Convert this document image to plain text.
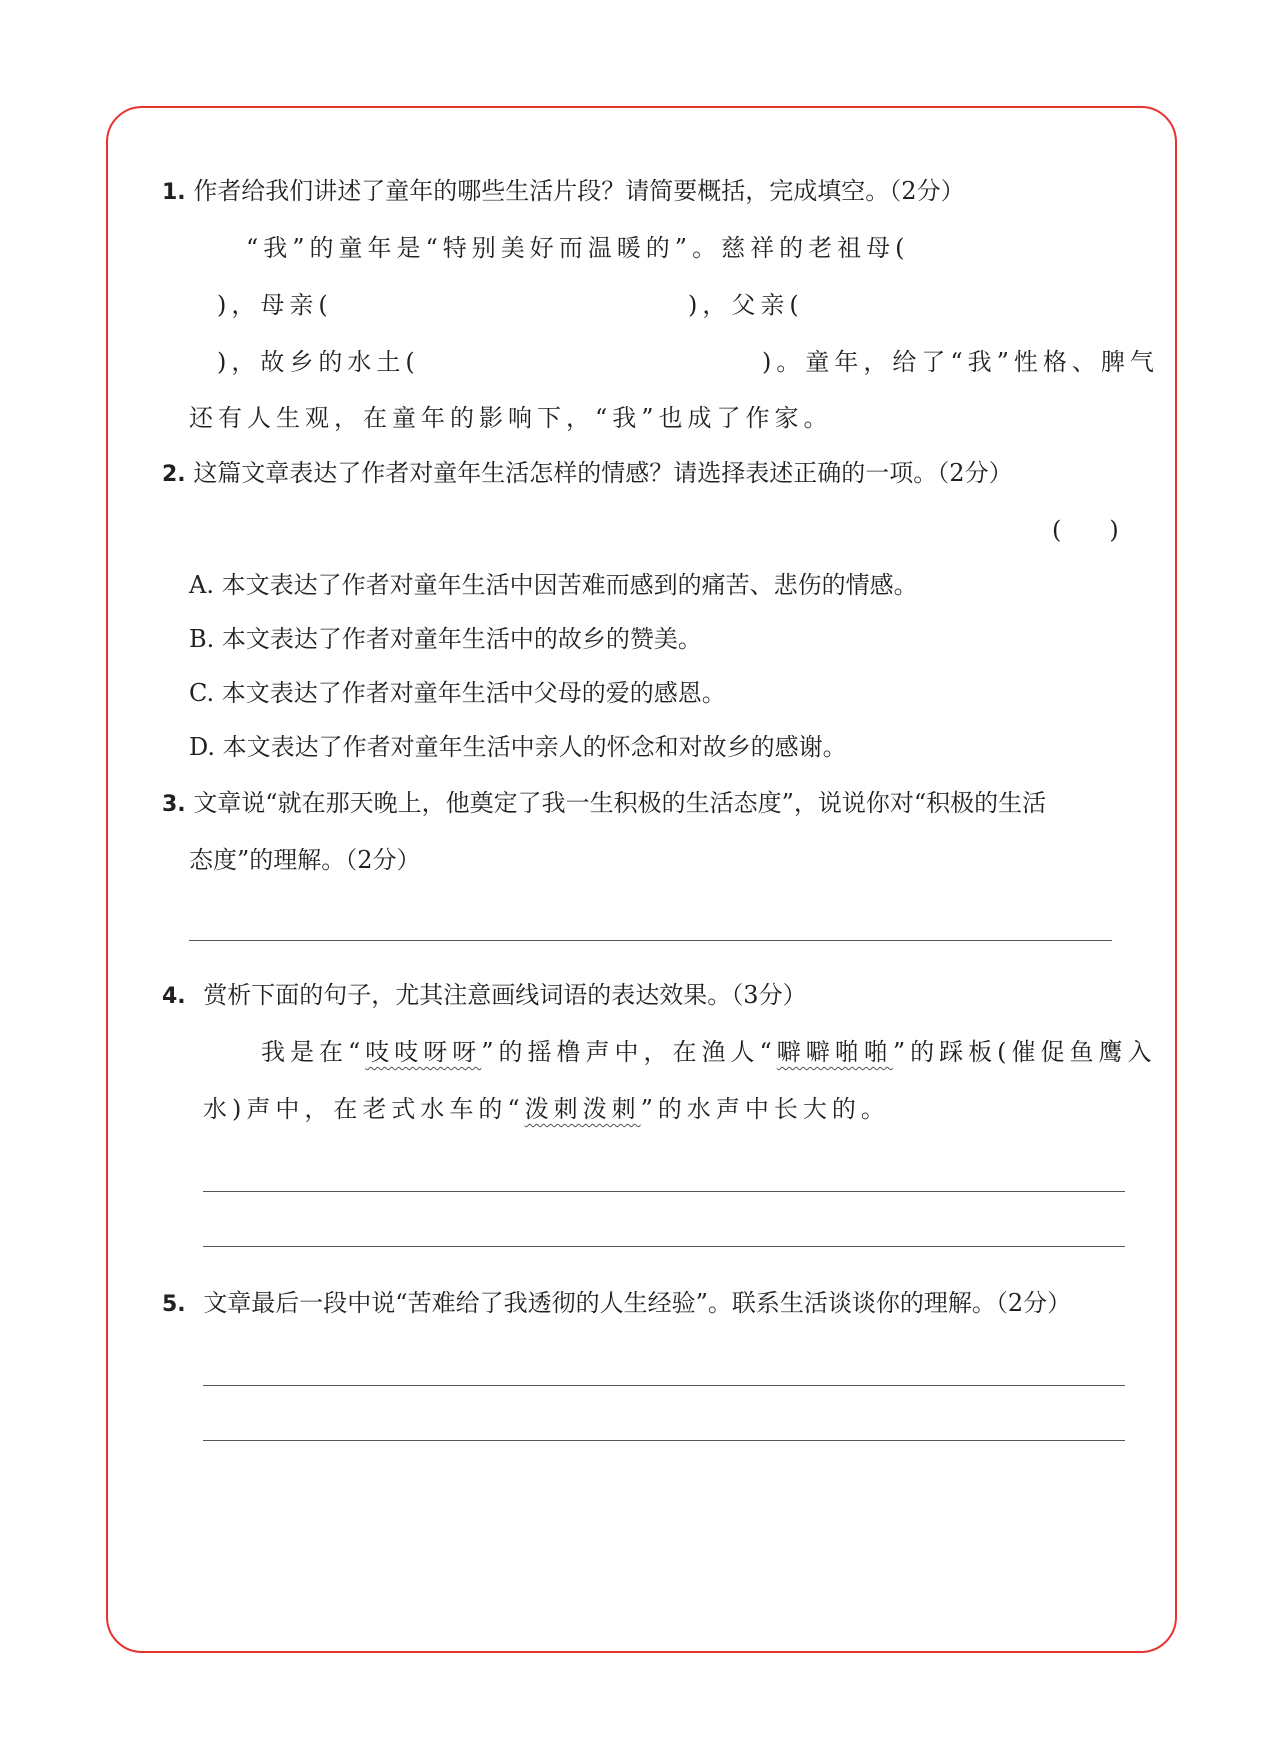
1. 作者给我们讲述了童年的哪些生活片段？请简要概括，完成填空。（2分）
“我”的童年是“特别美好而温暖的”。慈祥的老祖母(
)，母亲(	)，父亲(
)，故乡的水土(	)。童年，给了“我”性格、脾气
还有人生观，在童年的影响下，“我”也成了作家。
2. 这篇文章表达了作者对童年生活怎样的情感？请选择表述正确的一项。（2分）
(　　)
A. 本文表达了作者对童年生活中因苦难而感到的痛苦、悲伤的情感。
B. 本文表达了作者对童年生活中的故乡的赞美。
C. 本文表达了作者对童年生活中父母的爱的感恩。
D. 本文表达了作者对童年生活中亲人的怀念和对故乡的感谢。
3. 文章说“就在那天晚上，他奠定了我一生积极的生活态度”，说说你对“积极的生活
态度”的理解。（2分）
4. 赏析下面的句子，尤其注意画线词语的表达效果。（3分）
我是在“吱吱呀呀”的摇橹声中，在渔人“噼噼啪啪”的踩板(催促鱼鹰入
水)声中，在老式水车的“泼刺泼刺”的水声中长大的。
5. 文章最后一段中说“苦难给了我透彻的人生经验”。联系生活谈谈你的理解。（2分）
